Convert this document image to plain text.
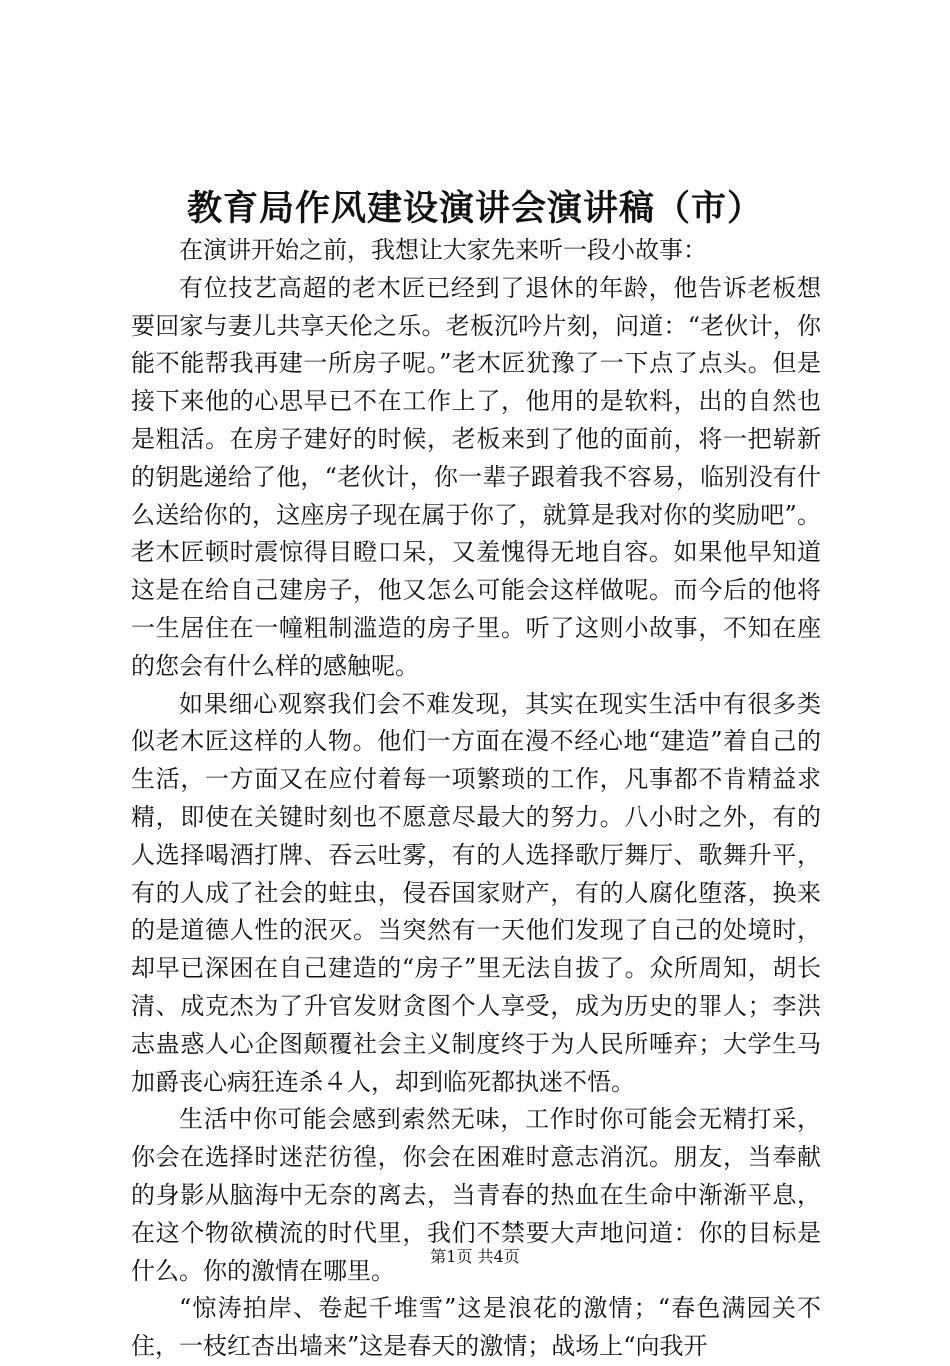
教育局作风建设演讲会演讲稿（市）

在演讲开始之前，我想让大家先来听一段小故事：

有位技艺高超的老木匠已经到了退休的年龄，他告诉老板想要回家与妻儿共享天伦之乐。老板沉吟片刻，问道：“老伙计，你能不能帮我再建一所房子呢。”老木匠犹豫了一下点了点头。但是接下来他的心思早已不在工作上了，他用的是软料，出的自然也是粗活。在房子建好的时候，老板来到了他的面前，将一把崭新的钥匙递给了他，“老伙计，你一辈子跟着我不容易，临别没有什么送给你的，这座房子现在属于你了，就算是我对你的奖励吧”。老木匠顿时震惊得目瞪口呆，又羞愧得无地自容。如果他早知道这是在给自己建房子，他又怎么可能会这样做呢。而今后的他将一生居住在一幢粗制滥造的房子里。听了这则小故事，不知在座的您会有什么样的感触呢。

如果细心观察我们会不难发现，其实在现实生活中有很多类似老木匠这样的人物。他们一方面在漫不经心地“建造”着自己的生活，一方面又在应付着每一项繁琐的工作，凡事都不肯精益求精，即使在关键时刻也不愿意尽最大的努力。八小时之外，有的人选择喝酒打牌、吞云吐雾，有的人选择歌厅舞厅、歌舞升平，有的人成了社会的蛀虫，侵吞国家财产，有的人腐化堕落，换来的是道德人性的泯灭。当突然有一天他们发现了自己的处境时，却早已深困在自己建造的“房子”里无法自拔了。众所周知，胡长清、成克杰为了升官发财贪图个人享受，成为历史的罪人；李洪志蛊惑人心企图颠覆社会主义制度终于为人民所唾弃；大学生马加爵丧心病狂连杀４人，却到临死都执迷不悟。

生活中你可能会感到索然无味，工作时你可能会无精打采，你会在选择时迷茫彷徨，你会在困难时意志消沉。朋友，当奉献的身影从脑海中无奈的离去，当青春的热血在生命中渐渐平息，在这个物欲横流的时代里，我们不禁要大声地问道：你的目标是什么。你的激情在哪里。

“惊涛拍岸、卷起千堆雪”这是浪花的激情；“春色满园关不住，一枝红杏出墙来”这是春天的激情；战场上“向我开

第1页 共4页
